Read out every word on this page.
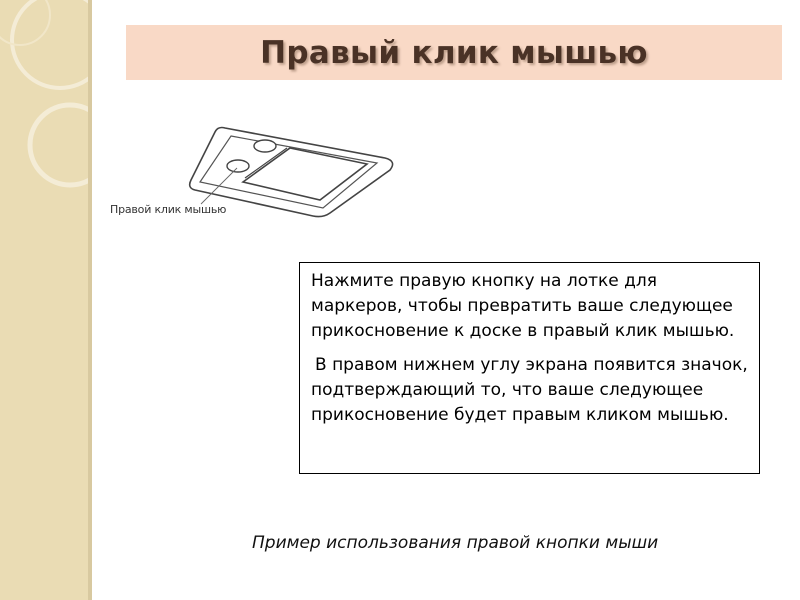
Правый клик мышью
Правой клик мышью

Нажмите правую кнопку на лотке для маркеров, чтобы превратить ваше следующее прикосновение к доске в правый клик мышью.

В правом нижнем углу экрана появится значок, подтверждающий то, что ваше следующее прикосновение будет правым кликом мышью.

Пример использования правой кнопки мыши
